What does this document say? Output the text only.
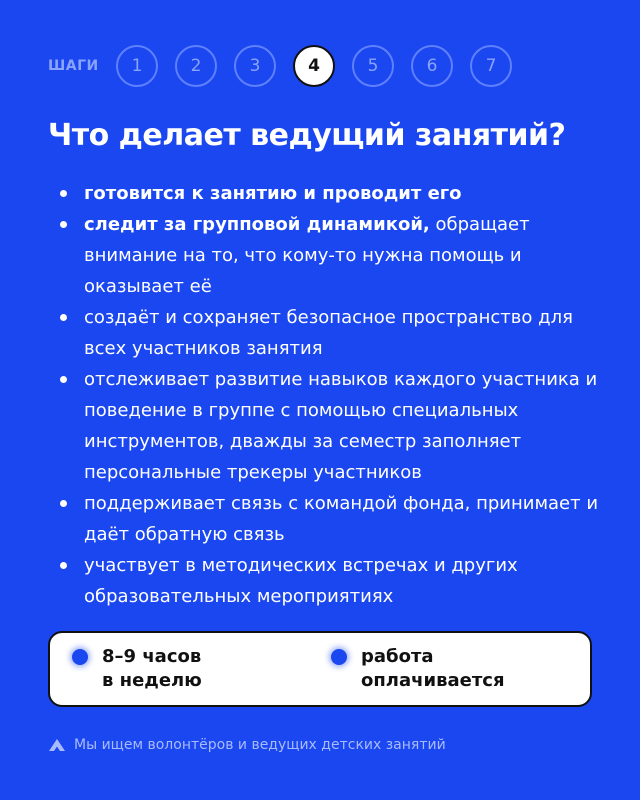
ШАГИ	1	2	3	4	5	6	7
Что делает ведущий занятий?
готовится к занятию и проводит его
следит за групповой динамикой, обращает внимание на то, что кому-то нужна помощь и оказывает её
создаёт и сохраняет безопасное пространство для всех участников занятия
отслеживает развитие навыков каждого участника и поведение в группе с помощью специальных инструментов, дважды за семестр заполняет персональные трекеры участников
поддерживает связь с командой фонда, принимает и даёт обратную связь
участвует в методических встречах и других образовательных мероприятиях
8–9 часов
в неделю
работа
оплачивается
Мы ищем волонтёров и ведущих детских занятий
